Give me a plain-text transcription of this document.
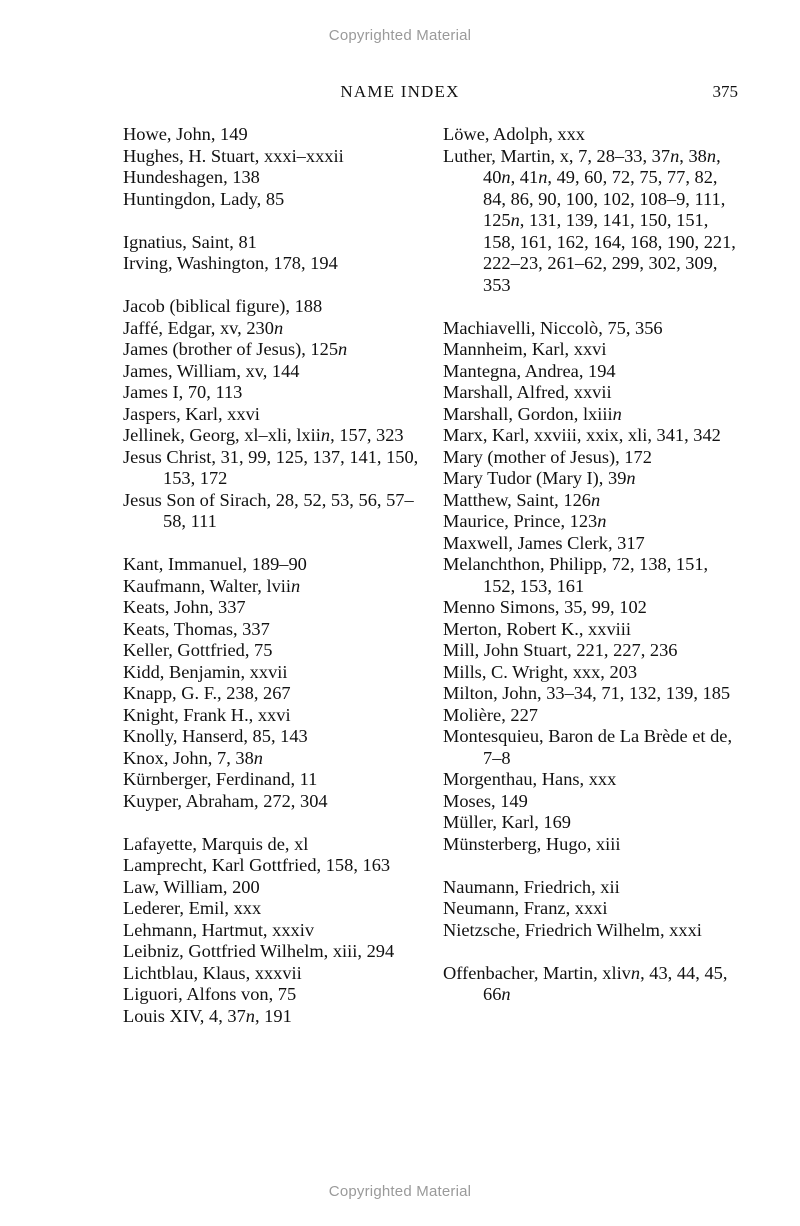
Copyrighted Material
NAME INDEX	375
Howe, John, 149
Hughes, H. Stuart, xxxi–xxxii
Hundeshagen, 138
Huntingdon, Lady, 85
Ignatius, Saint, 81
Irving, Washington, 178, 194
Jacob (biblical figure), 188
Jaffé, Edgar, xv, 230n
James (brother of Jesus), 125n
James, William, xv, 144
James I, 70, 113
Jaspers, Karl, xxvi
Jellinek, Georg, xl–xli, lxiin, 157, 323
Jesus Christ, 31, 99, 125, 137, 141, 150, 153, 172
Jesus Son of Sirach, 28, 52, 53, 56, 57–58, 111
Kant, Immanuel, 189–90
Kaufmann, Walter, lviin
Keats, John, 337
Keats, Thomas, 337
Keller, Gottfried, 75
Kidd, Benjamin, xxvii
Knapp, G. F., 238, 267
Knight, Frank H., xxvi
Knolly, Hanserd, 85, 143
Knox, John, 7, 38n
Kürnberger, Ferdinand, 11
Kuyper, Abraham, 272, 304
Lafayette, Marquis de, xl
Lamprecht, Karl Gottfried, 158, 163
Law, William, 200
Lederer, Emil, xxx
Lehmann, Hartmut, xxxiv
Leibniz, Gottfried Wilhelm, xiii, 294
Lichtblau, Klaus, xxxvii
Liguori, Alfons von, 75
Louis XIV, 4, 37n, 191
Löwe, Adolph, xxx
Luther, Martin, x, 7, 28–33, 37n, 38n, 40n, 41n, 49, 60, 72, 75, 77, 82, 84, 86, 90, 100, 102, 108–9, 111, 125n, 131, 139, 141, 150, 151, 158, 161, 162, 164, 168, 190, 221, 222–23, 261–62, 299, 302, 309, 353
Machiavelli, Niccolò, 75, 356
Mannheim, Karl, xxvi
Mantegna, Andrea, 194
Marshall, Alfred, xxvii
Marshall, Gordon, lxiiin
Marx, Karl, xxviii, xxix, xli, 341, 342
Mary (mother of Jesus), 172
Mary Tudor (Mary I), 39n
Matthew, Saint, 126n
Maurice, Prince, 123n
Maxwell, James Clerk, 317
Melanchthon, Philipp, 72, 138, 151, 152, 153, 161
Menno Simons, 35, 99, 102
Merton, Robert K., xxviii
Mill, John Stuart, 221, 227, 236
Mills, C. Wright, xxx, 203
Milton, John, 33–34, 71, 132, 139, 185
Molière, 227
Montesquieu, Baron de La Brède et de, 7–8
Morgenthau, Hans, xxx
Moses, 149
Müller, Karl, 169
Münsterberg, Hugo, xiii
Naumann, Friedrich, xii
Neumann, Franz, xxxi
Nietzsche, Friedrich Wilhelm, xxxi
Offenbacher, Martin, xlivn, 43, 44, 45, 66n
Copyrighted Material
